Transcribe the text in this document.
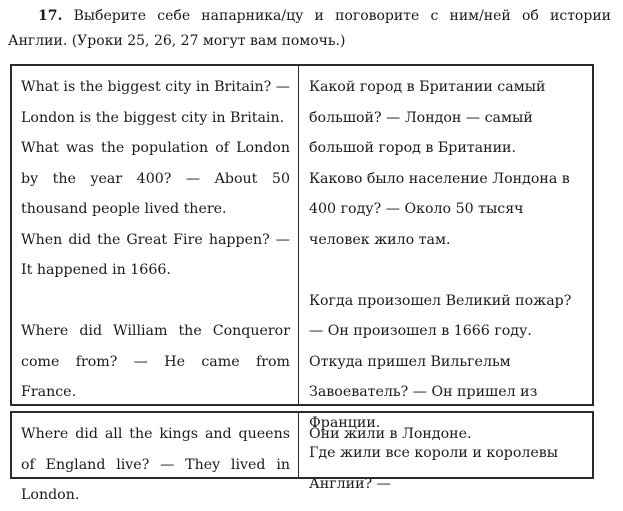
17. Выберите себе напарника/цу и поговорите с ним/ней об истории Англии. (Уроки 25, 26, 27 могут вам помочь.)

What is the biggest city in Britain? — London is the biggest city in Britain.

What was the population of London by the year 400? — About 50 thousand people lived there.

When did the Great Fire happen? — It happened in 1666.

Where did William the Conqueror come from? — He came from France.

Какой город в Британии самый большой? — Лондон — самый большой город в Британии.

Каково было население Лондона в 400 году? — Около 50 тысяч человек жило там.

Когда произошел Великий пожар? — Он произошел в 1666 году.

Откуда пришел Вильгельм Завоеватель? — Он пришел из Франции.

Где жили все короли и королевы Англии? —

Where did all the kings and queens of England live? — They lived in London.

Они жили в Лондоне.
